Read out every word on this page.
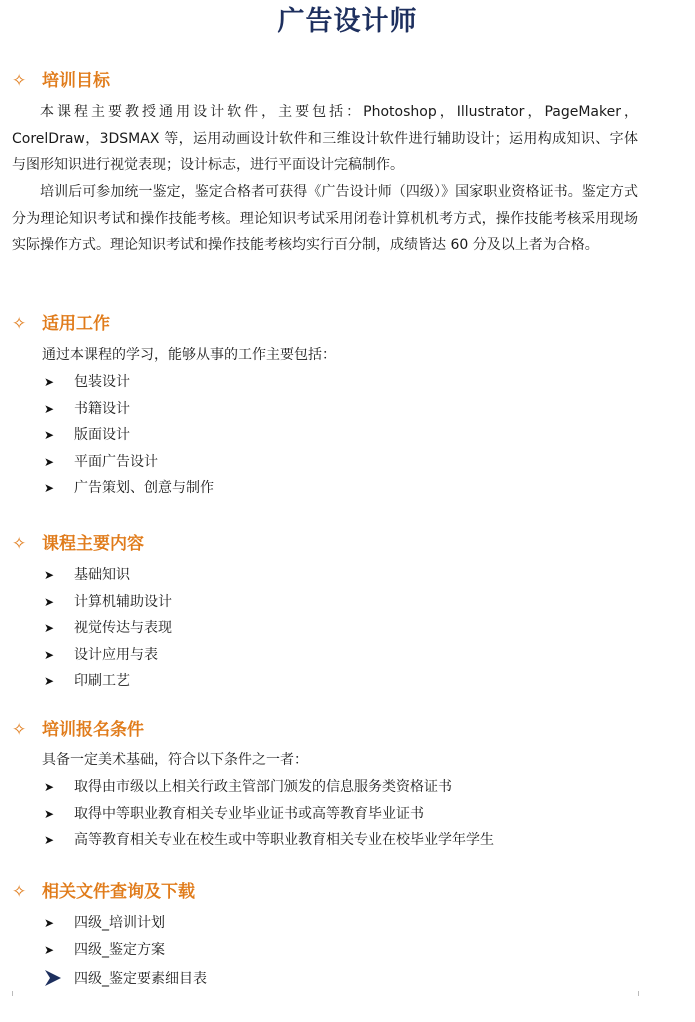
广告设计师
✧ 培训目标
本课程主要教授通用设计软件，主要包括：Photoshop，Illustrator，PageMaker，CorelDraw，3DSMAX 等，运用动画设计软件和三维设计软件进行辅助设计；运用构成知识、字体与图形知识进行视觉表现；设计标志，进行平面设计完稿制作。
培训后可参加统一鉴定，鉴定合格者可获得《广告设计师（四级）》国家职业资格证书。鉴定方式分为理论知识考试和操作技能考核。理论知识考试采用闭卷计算机机考方式，操作技能考核采用现场实际操作方式。理论知识考试和操作技能考核均实行百分制，成绩皆达 60 分及以上者为合格。
✧ 适用工作
通过本课程的学习，能够从事的工作主要包括：
➤ 包装设计
➤ 书籍设计
➤ 版面设计
➤ 平面广告设计
➤ 广告策划、创意与制作
✧ 课程主要内容
➤ 基础知识
➤ 计算机辅助设计
➤ 视觉传达与表现
➤ 设计应用与表
➤ 印刷工艺
✧ 培训报名条件
具备一定美术基础，符合以下条件之一者：
➤ 取得由市级以上相关行政主管部门颁发的信息服务类资格证书
➤ 取得中等职业教育相关专业毕业证书或高等教育毕业证书
➤ 高等教育相关专业在校生或中等职业教育相关专业在校毕业学年学生
✧ 相关文件查询及下载
➤ 四级_培训计划
➤ 四级_鉴定方案
四级_鉴定要素细目表
